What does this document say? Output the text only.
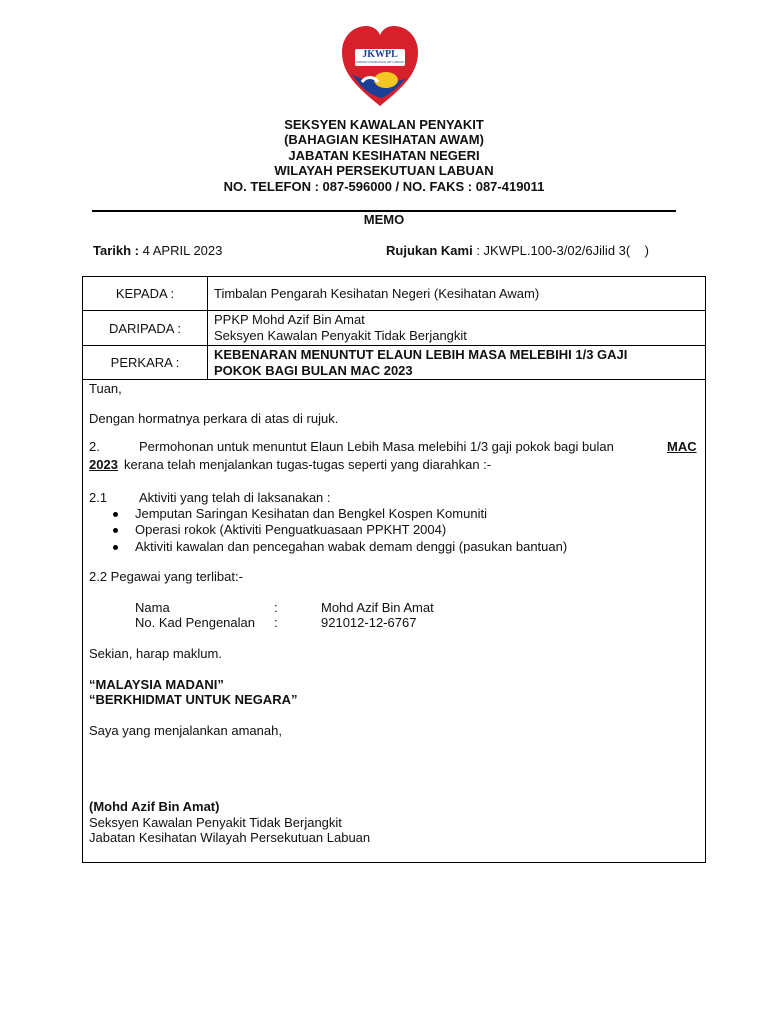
JKWPL
JABATAN KESIHATAN WP LABUAN
SEKSYEN KAWALAN PENYAKIT
(BAHAGIAN KESIHATAN AWAM)
JABATAN KESIHATAN NEGERI
WILAYAH PERSEKUTUAN LABUAN
NO. TELEFON : 087-596000 / NO. FAKS : 087-419011
MEMO
Tarikh : 4 APRIL 2023	Rujukan Kami : JKWPL.100-3/02/6Jilid 3(    )
KEPADA :	Timbalan Pengarah Kesihatan Negeri (Kesihatan Awam)
DARIPADA :	PPKP Mohd Azif Bin Amat
Seksyen Kawalan Penyakit Tidak Berjangkit

PERKARA :	KEBENARAN MENUNTUT ELAUN LEBIH MASA MELEBIHI 1/3 GAJI
POKOK BAGI BULAN MAC 2023
Tuan,
Dengan hormatnya perkara di atas di rujuk.
2.	Permohonan untuk menuntut Elaun Lebih Masa melebihi 1/3 gaji pokok bagi bulan	MAC
2023 kerana telah menjalankan tugas-tugas seperti yang diarahkan :-
2.1 Aktiviti yang telah di laksanakan :
Jemputan Saringan Kesihatan dan Bengkel Kospen Komuniti
Operasi rokok (Aktiviti Penguatkuasaan PPKHT 2004)
Aktiviti kawalan dan pencegahan wabak demam denggi (pasukan bantuan)
2.2 Pegawai yang terlibat:-
Nama	:	Mohd Azif Bin Amat
No. Kad Pengenalan :	921012-12-6767
Sekian, harap maklum.
“MALAYSIA MADANI”
“BERKHIDMAT UNTUK NEGARA”
Saya yang menjalankan amanah,
(Mohd Azif Bin Amat)
Seksyen Kawalan Penyakit Tidak Berjangkit
Jabatan Kesihatan Wilayah Persekutuan Labuan
